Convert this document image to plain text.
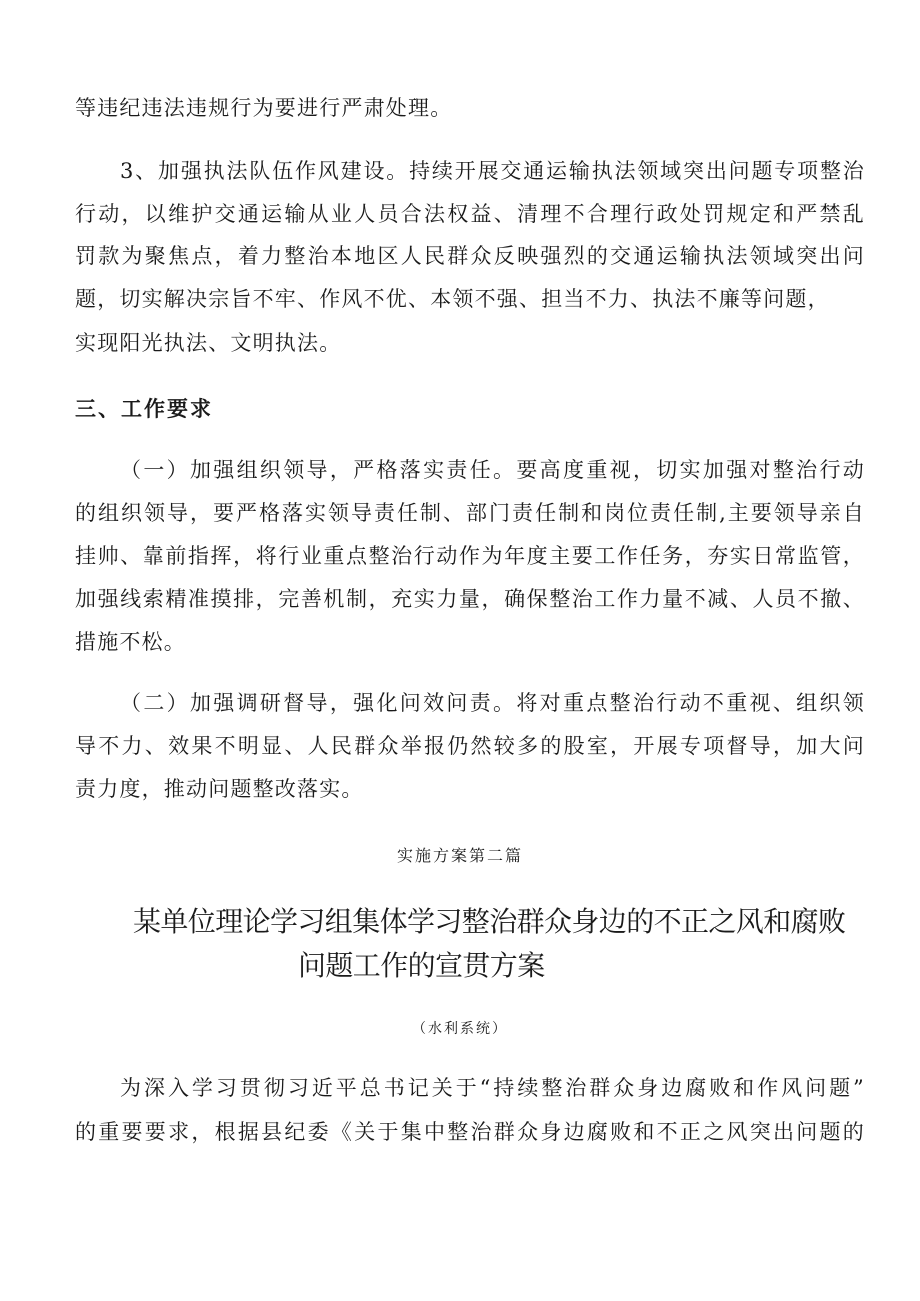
等违纪违法违规行为要进行严肃处理。
3、加强执法队伍作风建设。持续开展交通运输执法领域突出问题专项整治
行动，以维护交通运输从业人员合法权益、清理不合理行政处罚规定和严禁乱
罚款为聚焦点，着力整治本地区人民群众反映强烈的交通运输执法领域突出问
题，切实解决宗旨不牢、作风不优、本领不强、担当不力、执法不廉等问题，
实现阳光执法、文明执法。
三、工作要求
（一）加强组织领导，严格落实责任。要高度重视，切实加强对整治行动
的组织领导，要严格落实领导责任制、部门责任制和岗位责任制,主要领导亲自
挂帅、靠前指挥，将行业重点整治行动作为年度主要工作任务，夯实日常监管，
加强线索精准摸排，完善机制，充实力量，确保整治工作力量不减、人员不撤、
措施不松。
（二）加强调研督导，强化问效问责。将对重点整治行动不重视、组织领
导不力、效果不明显、人民群众举报仍然较多的股室，开展专项督导，加大问
责力度，推动问题整改落实。
实施方案第二篇
某单位理论学习组集体学习整治群众身边的不正之风和腐败
问题工作的宣贯方案
（水利系统）
为深入学习贯彻习近平总书记关于“持续整治群众身边腐败和作风问题”
的重要要求，根据县纪委《关于集中整治群众身边腐败和不正之风突出问题的
